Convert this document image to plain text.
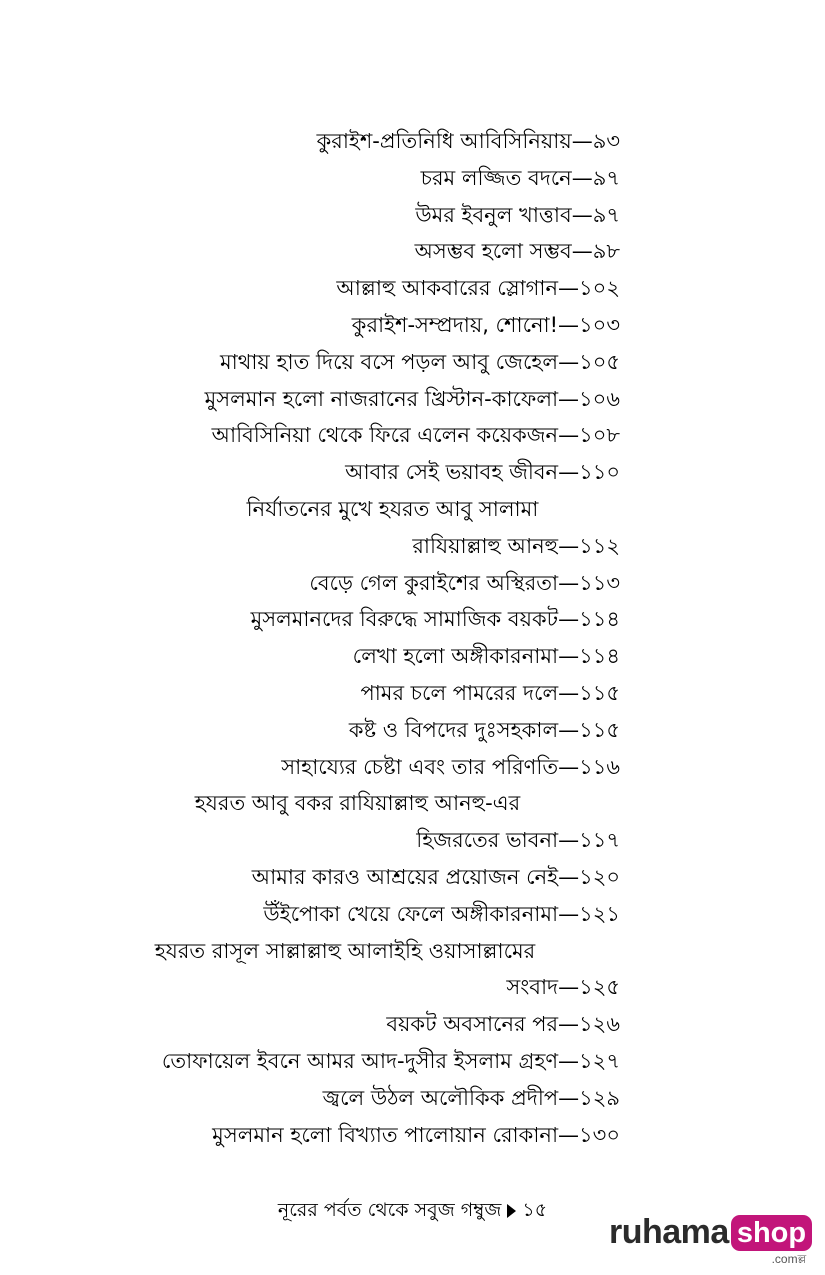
কুরাইশ-প্রতিনিধি আবিসিনিয়ায়—৯৩
চরম লজ্জিত বদনে—৯৭
উমর ইবনুল খাত্তাব—৯৭
অসম্ভব হলো সম্ভব—৯৮
আল্লাহু আকবারের স্লোগান—১০২
কুরাইশ-সম্প্রদায়, শোনো!—১০৩
মাথায় হাত দিয়ে বসে পড়ল আবু জেহেল—১০৫
মুসলমান হলো নাজরানের খ্রিস্টান-কাফেলা—১০৬
আবিসিনিয়া থেকে ফিরে এলেন কয়েকজন—১০৮
আবার সেই ভয়াবহ জীবন—১১০
নির্যাতনের মুখে হযরত আবু সালামা
রাযিয়াল্লাহু আনহু—১১২
বেড়ে গেল কুরাইশের অস্থিরতা—১১৩
মুসলমানদের বিরুদ্ধে সামাজিক বয়কট—১১৪
লেখা হলো অঙ্গীকারনামা—১১৪
পামর চলে পামরের দলে—১১৫
কষ্ট ও বিপদের দুঃসহকাল—১১৫
সাহায্যের চেষ্টা এবং তার পরিণতি—১১৬
হযরত আবু বকর রাযিয়াল্লাহু আনহু-এর
হিজরতের ভাবনা—১১৭
আমার কারও আশ্রয়ের প্রয়োজন নেই—১২০
উঁইপোকা খেয়ে ফেলে অঙ্গীকারনামা—১২১
হযরত রাসূল সাল্লাল্লাহু আলাইহি ওয়াসাল্লামের
সংবাদ—১২৫
বয়কট অবসানের পর—১২৬
তোফায়েল ইবনে আমর আদ-দুসীর ইসলাম গ্রহণ—১২৭
জ্বলে উঠল অলৌকিক প্রদীপ—১২৯
মুসলমান হলো বিখ্যাত পালোয়ান রোকানা—১৩০
নূরের পর্বত থেকে সবুজ গম্বুজ ১৫
ruhama shop
.comল্ল
